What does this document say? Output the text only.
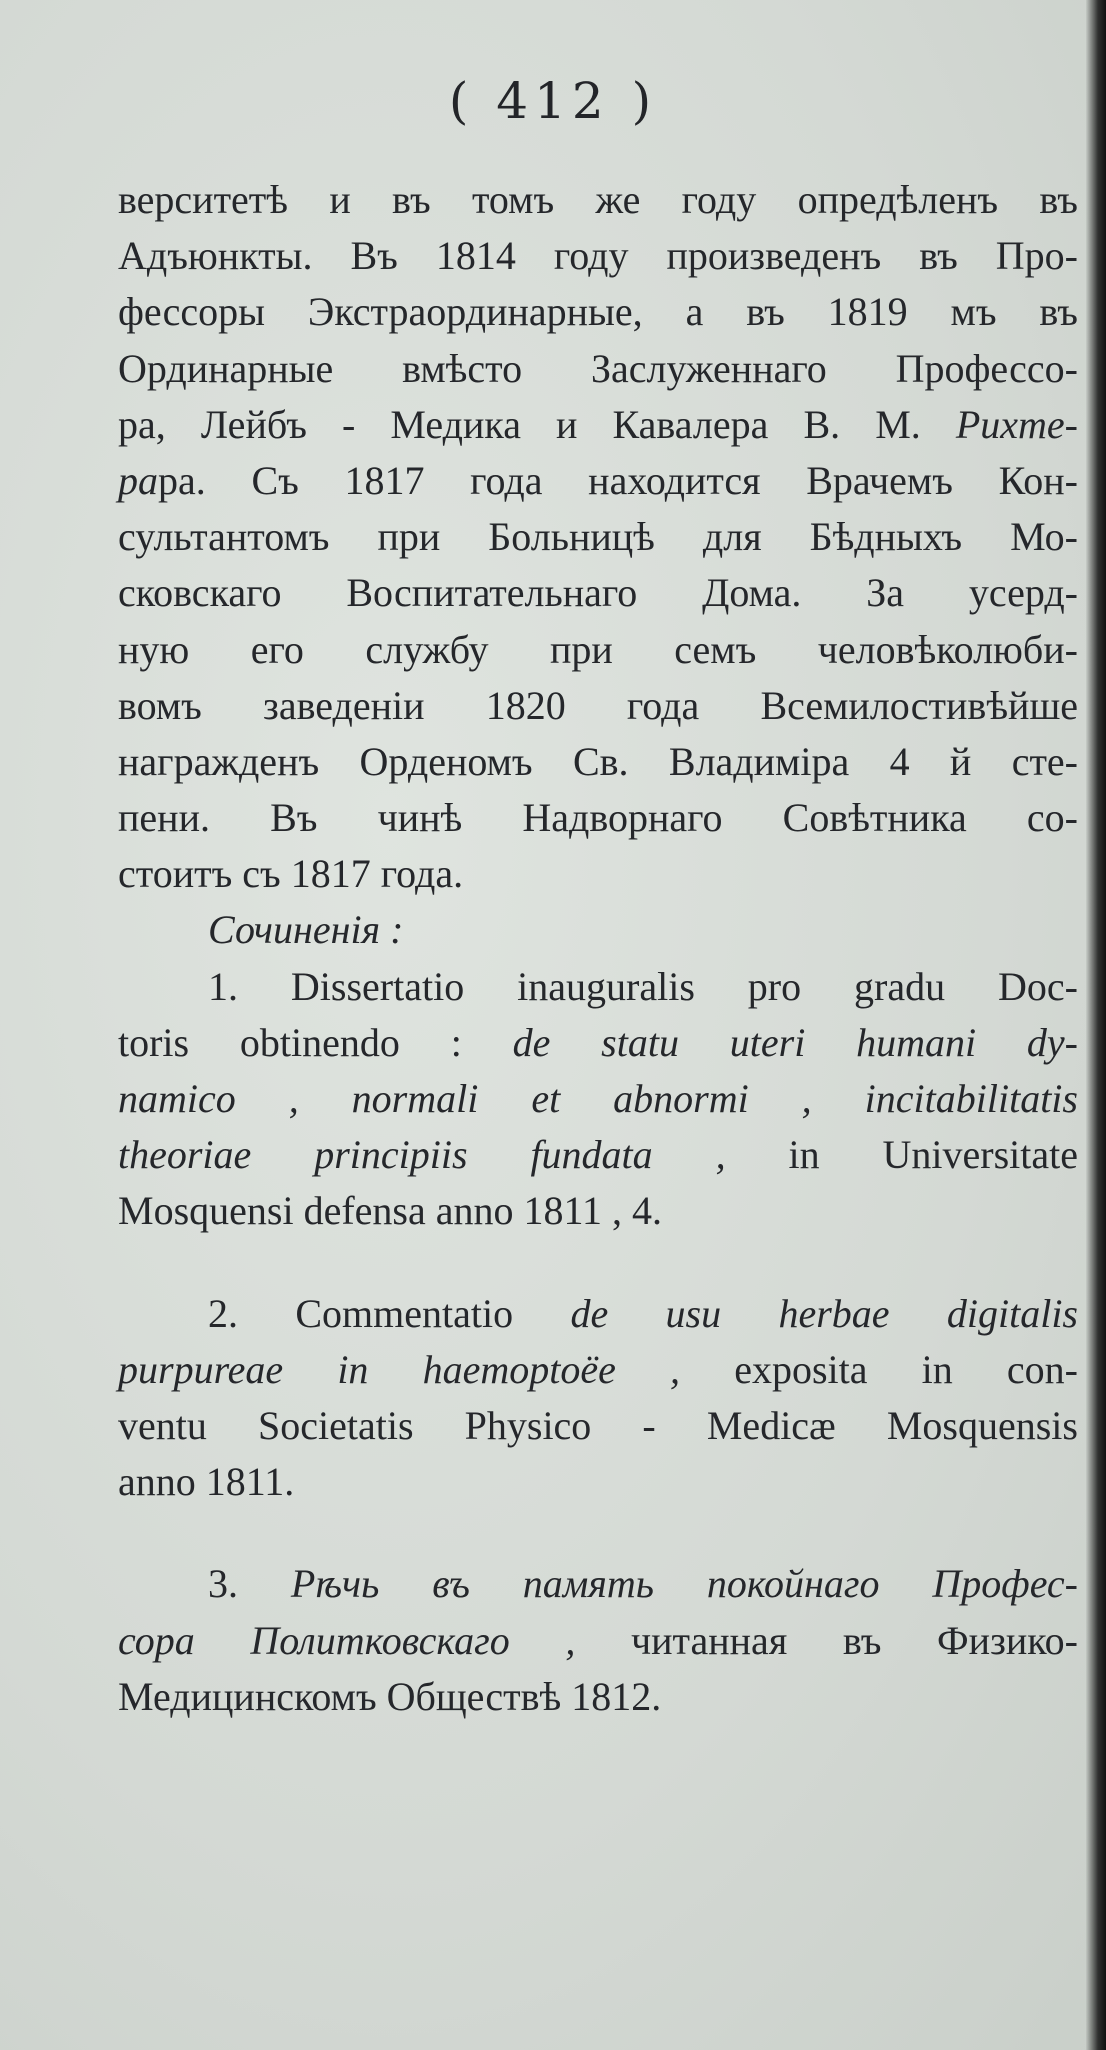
( 412 )
верситетѣ и въ томъ же году опредѣленъ въ
Адъюнкты. Въ 1814 году произведенъ въ Про-
фессоры Экстраординарные, а въ 1819 мъ въ
Ординарные вмѣсто Заслуженнаго Профессо-
ра, Лейбъ - Медика и Кавалера В. М. Рихте-
рара. Съ 1817 года находится Врачемъ Кон-
сультантомъ при Больницѣ для Бѣдныхъ Мо-
сковскаго Воспитательнаго Дома. За усерд-
ную его службу при семъ человѣколюби-
вомъ заведеніи 1820 года Всемилостивѣйше
награжденъ Орденомъ Св. Владиміра 4 й сте-
пени. Въ чинѣ Надворнаго Совѣтника со-
стоитъ съ 1817 года.
Сочиненія :
1. Dissertatio inauguralis pro gradu Doc-
toris obtinendo : de statu uteri humani dy-
namico , normali et abnormi , incitabilitatis
theoriae principiis fundata , in Universitate
Mosquensi defensa anno 1811 , 4.
2. Commentatio de usu herbae digitalis
purpureae in haemoptoëe , exposita in con-
ventu Societatis Physico - Medicæ Mosquensis
anno 1811.
3. Рѣчь въ память покойнаго Профес-
сора Политковскаго , читанная въ Физико-
Медицинскомъ Обществѣ 1812.
